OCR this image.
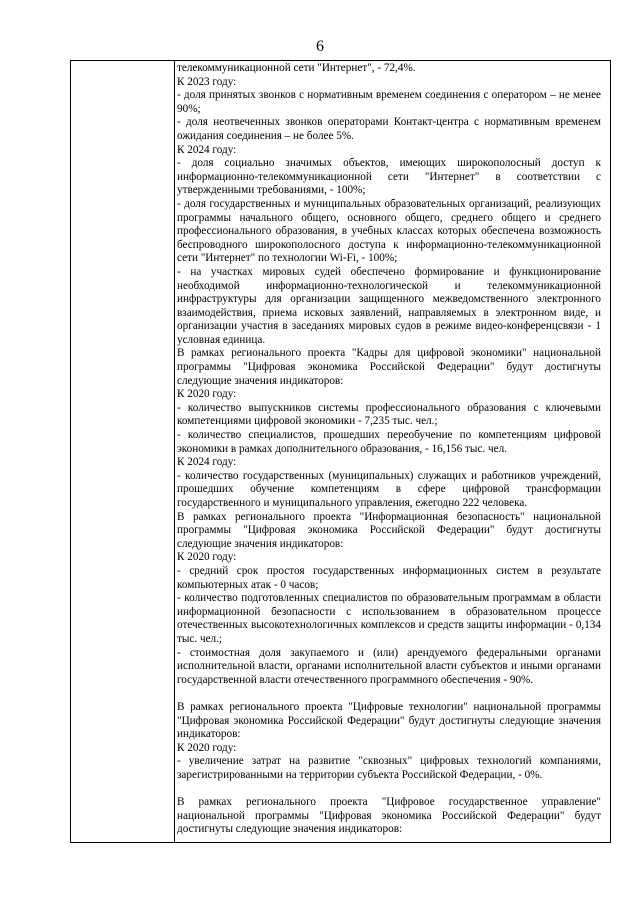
6

телекоммуникационной сети "Интернет", - 72,4%.

К 2023 году:

- доля принятых звонков с нормативным временем соединения с оператором – не менее 90%;

- доля неотвеченных звонков операторами Контакт-центра с нормативным временем ожидания соединения – не более 5%.

К 2024 году:

- доля социально значимых объектов, имеющих широкополосный доступ к информационно-телекоммуникационной сети "Интернет" в соответствии с утвержденными требованиями, - 100%;

- доля государственных и муниципальных образовательных организаций, реализующих программы начального общего, основного общего, среднего общего и среднего профессионального образования, в учебных классах которых обеспечена возможность беспроводного широкополосного доступа к информационно-телекоммуникационной сети "Интернет" по технологии Wi-Fi, - 100%;

- на участках мировых судей обеспечено формирование и функционирование необходимой информационно-технологической и телекоммуникационной инфраструктуры для организации защищенного межведомственного электронного взаимодействия, приема исковых заявлений, направляемых в электронном виде, и организации участия в заседаниях мировых судов в режиме видео-конференцсвязи - 1 условная единица.

В рамках регионального проекта "Кадры для цифровой экономики" национальной программы "Цифровая экономика Российской Федерации" будут достигнуты следующие значения индикаторов:

К 2020 году:

- количество выпускников системы профессионального образования с ключевыми компетенциями цифровой экономики - 7,235 тыс. чел.;

- количество специалистов, прошедших переобучение по компетенциям цифровой экономики в рамках дополнительного образования, - 16,156 тыс. чел.

К 2024 году:

- количество государственных (муниципальных) служащих и работников учреждений, прошедших обучение компетенциям в сфере цифровой трансформации государственного и муниципального управления, ежегодно 222 человека.

В рамках регионального проекта "Информационная безопасность" национальной программы "Цифровая экономика Российской Федерации" будут достигнуты следующие значения индикаторов:

К 2020 году:

- средний срок простоя государственных информационных систем в результате компьютерных атак - 0 часов;

- количество подготовленных специалистов по образовательным программам в области информационной безопасности с использованием в образовательном процессе отечественных высокотехнологичных комплексов и средств защиты информации - 0,134 тыс. чел.;

- стоимостная доля закупаемого и (или) арендуемого федеральными органами исполнительной власти, органами исполнительной власти субъектов и иными органами государственной власти отечественного программного обеспечения - 90%.

В рамках регионального проекта "Цифровые технологии" национальной программы "Цифровая экономика Российской Федерации" будут достигнуты следующие значения индикаторов:

К 2020 году:

- увеличение затрат на развитие "сквозных" цифровых технологий компаниями, зарегистрированными на территории субъекта Российской Федерации, - 0%.

В рамках регионального проекта "Цифровое государственное управление" национальной программы "Цифровая экономика Российской Федерации" будут достигнуты следующие значения индикаторов:
